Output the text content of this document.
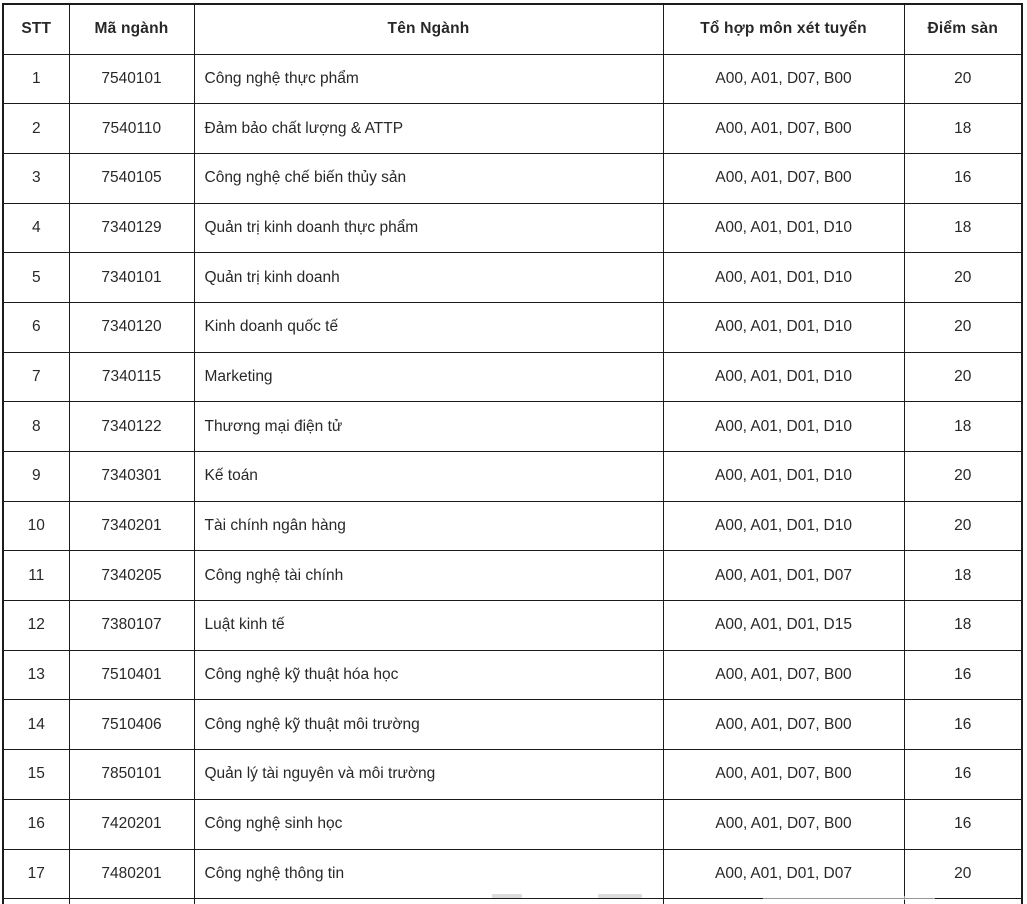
STT	Mã ngành	Tên Ngành	Tổ hợp môn xét tuyển	Điểm sàn
1	7540101	Công nghệ thực phẩm	A00, A01, D07, B00	20
2	7540110	Đảm bảo chất lượng & ATTP	A00, A01, D07, B00	18
3	7540105	Công nghệ chế biến thủy sản	A00, A01, D07, B00	16
4	7340129	Quản trị kinh doanh thực phẩm	A00, A01, D01, D10	18
5	7340101	Quản trị kinh doanh	A00, A01, D01, D10	20
6	7340120	Kinh doanh quốc tế	A00, A01, D01, D10	20
7	7340115	Marketing	A00, A01, D01, D10	20
8	7340122	Thương mại điện tử	A00, A01, D01, D10	18
9	7340301	Kế toán	A00, A01, D01, D10	20
10	7340201	Tài chính ngân hàng	A00, A01, D01, D10	20
11	7340205	Công nghệ tài chính	A00, A01, D01, D07	18
12	7380107	Luật kinh tế	A00, A01, D01, D15	18
13	7510401	Công nghệ kỹ thuật hóa học	A00, A01, D07, B00	16
14	7510406	Công nghệ kỹ thuật môi trường	A00, A01, D07, B00	16
15	7850101	Quản lý tài nguyên và môi trường	A00, A01, D07, B00	16
16	7420201	Công nghệ sinh học	A00, A01, D07, B00	16
17	7480201	Công nghệ thông tin	A00, A01, D01, D07	20
